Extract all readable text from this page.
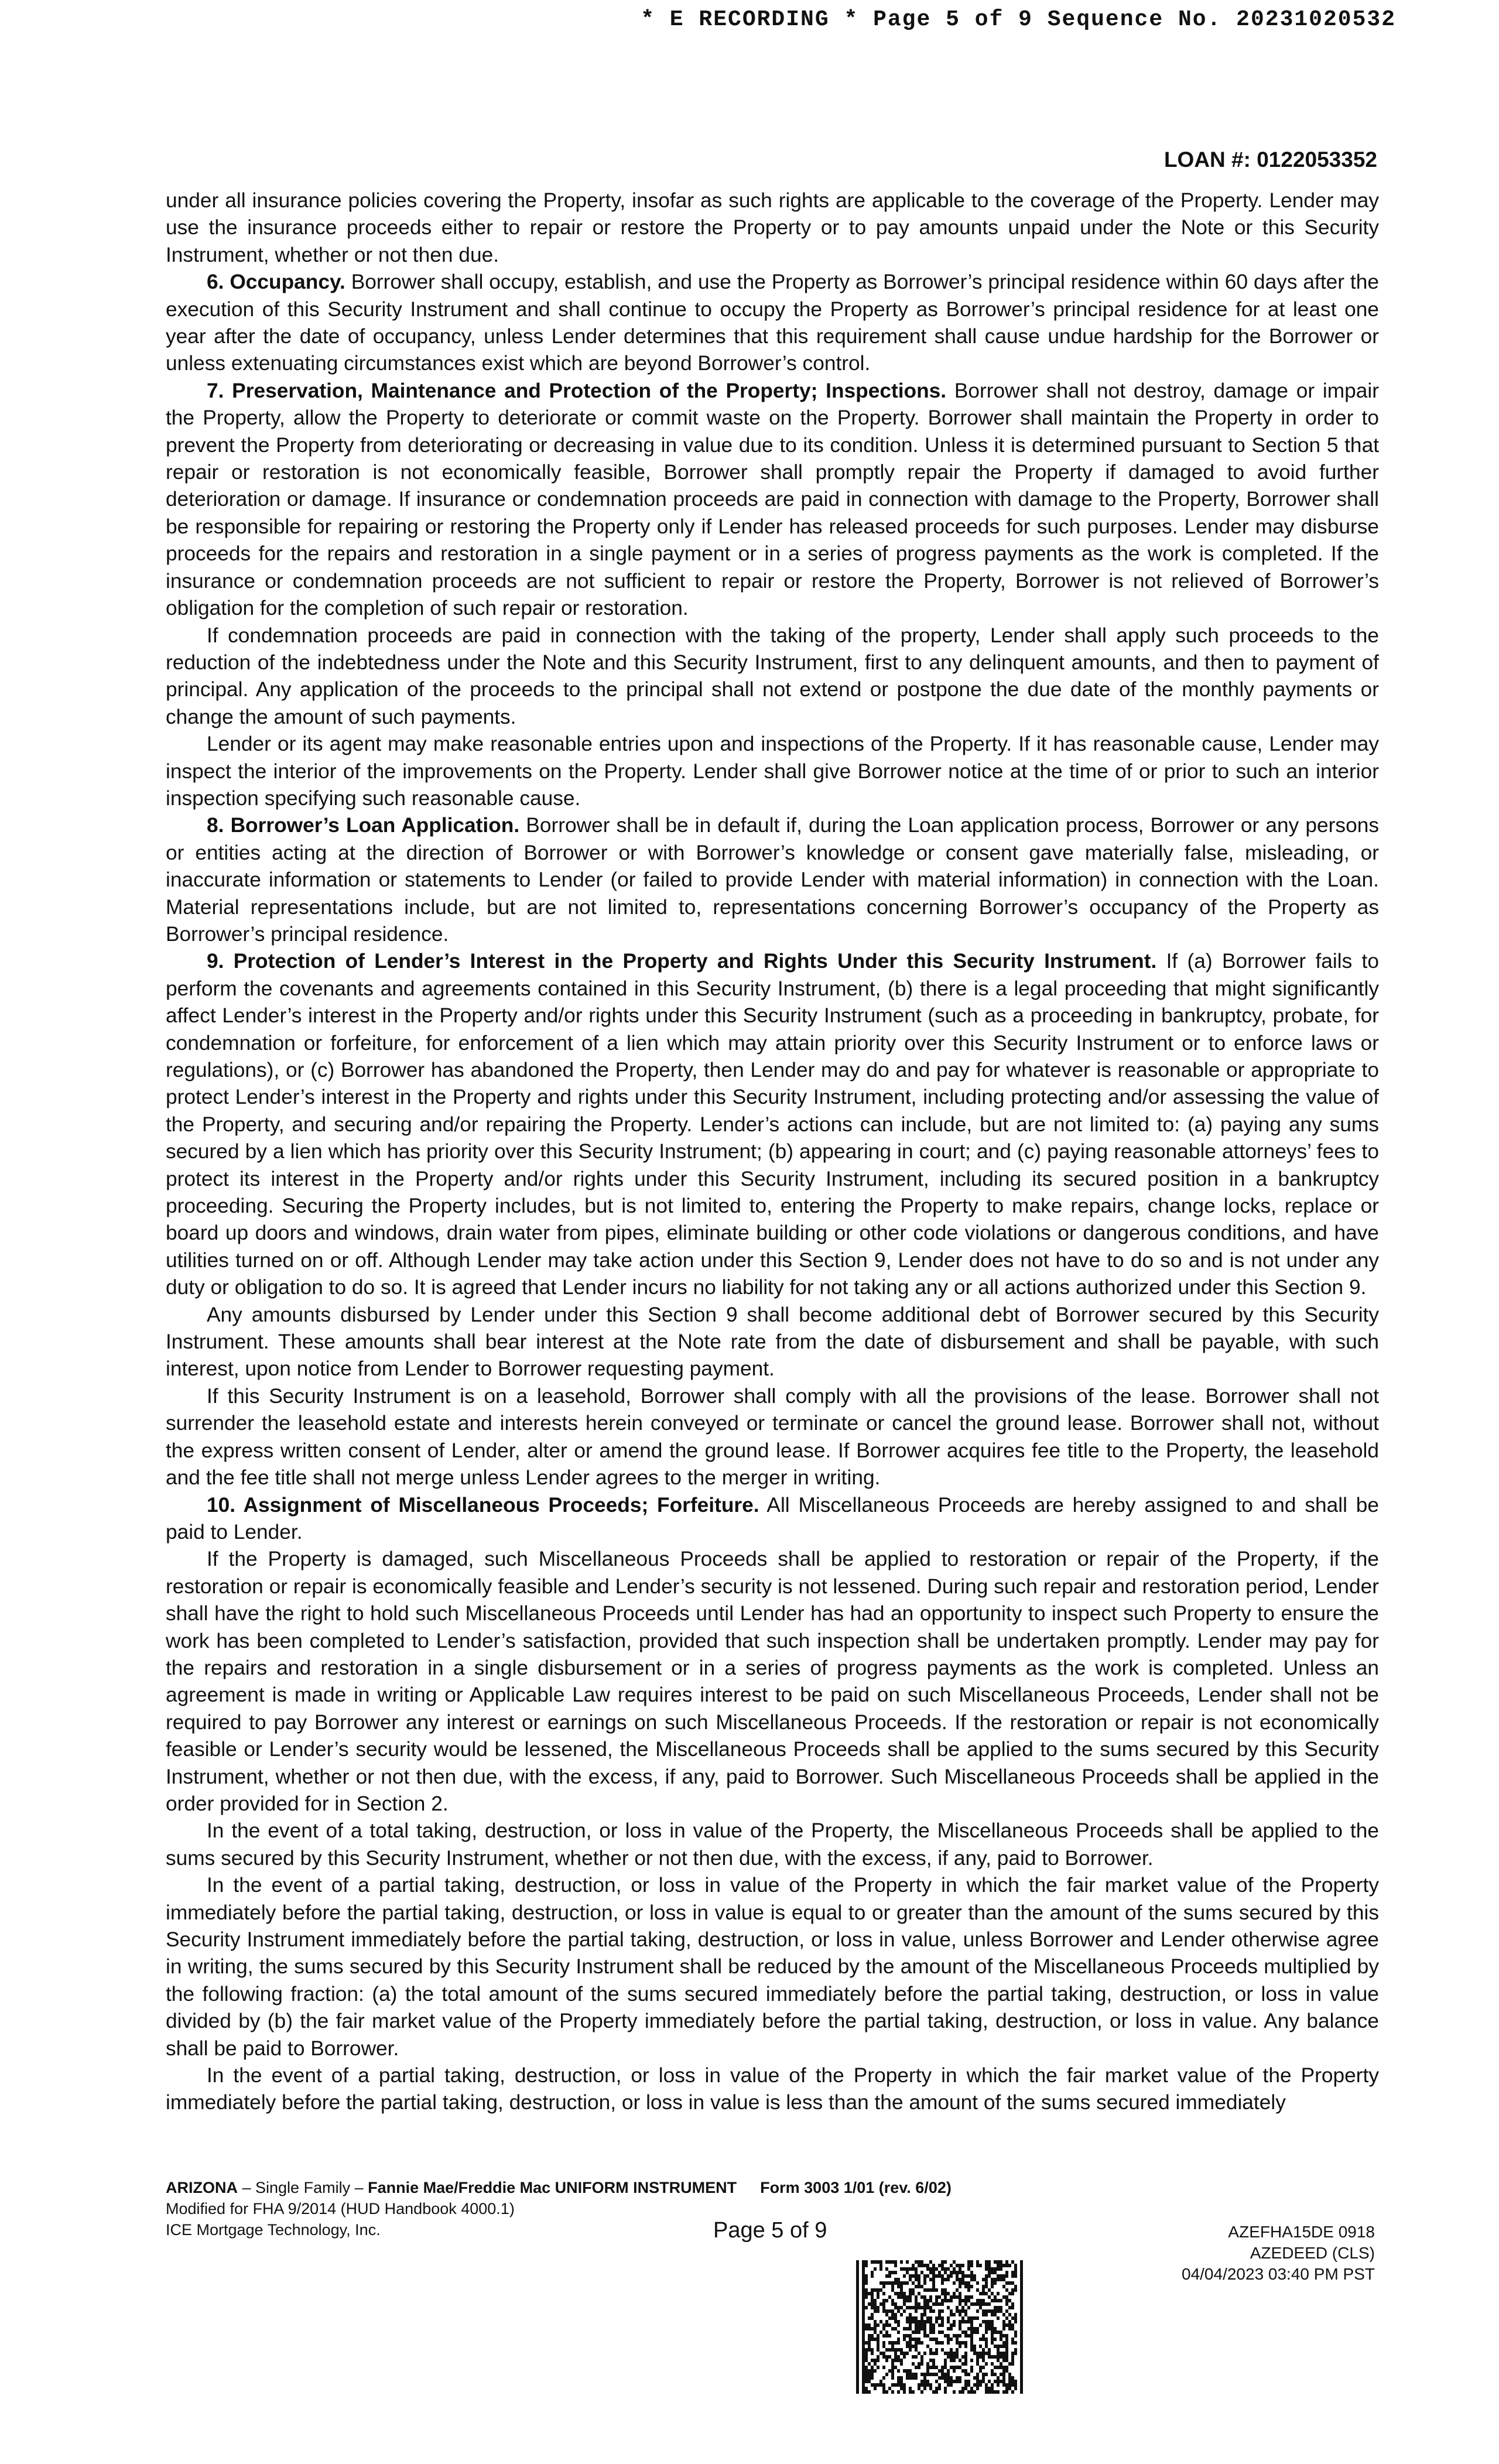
* E RECORDING * Page 5 of 9 Sequence No. 20231020532
LOAN #: 0122053352

under all insurance policies covering the Property, insofar as such rights are applicable to the coverage of the Property. Lender may use the insurance proceeds either to repair or restore the Property or to pay amounts unpaid under the Note or this Security Instrument, whether or not then due.

6. Occupancy. Borrower shall occupy, establish, and use the Property as Borrower’s principal residence within 60 days after the execution of this Security Instrument and shall continue to occupy the Property as Borrower’s principal residence for at least one year after the date of occupancy, unless Lender determines that this requirement shall cause undue hardship for the Borrower or unless extenuating circumstances exist which are beyond Borrower’s control.

7. Preservation, Maintenance and Protection of the Property; Inspections. Borrower shall not destroy, damage or impair the Property, allow the Property to deteriorate or commit waste on the Property. Borrower shall maintain the Property in order to prevent the Property from deteriorating or decreasing in value due to its condition. Unless it is determined pursuant to Section 5 that repair or restoration is not economically feasible, Borrower shall promptly repair the Property if damaged to avoid further deterioration or damage. If insurance or condemnation proceeds are paid in connection with damage to the Property, Borrower shall be responsible for repairing or restoring the Property only if Lender has released proceeds for such purposes. Lender may disburse proceeds for the repairs and restoration in a single payment or in a series of progress payments as the work is completed. If the insurance or condemnation proceeds are not sufficient to repair or restore the Property, Borrower is not relieved of Borrower’s obligation for the completion of such repair or restoration.

If condemnation proceeds are paid in connection with the taking of the property, Lender shall apply such proceeds to the reduction of the indebtedness under the Note and this Security Instrument, first to any delinquent amounts, and then to payment of principal. Any application of the proceeds to the principal shall not extend or postpone the due date of the monthly payments or change the amount of such payments.

Lender or its agent may make reasonable entries upon and inspections of the Property. If it has reasonable cause, Lender may inspect the interior of the improvements on the Property. Lender shall give Borrower notice at the time of or prior to such an interior inspection specifying such reasonable cause.

8. Borrower’s Loan Application. Borrower shall be in default if, during the Loan application process, Borrower or any persons or entities acting at the direction of Borrower or with Borrower’s knowledge or consent gave materially false, misleading, or inaccurate information or statements to Lender (or failed to provide Lender with material information) in connection with the Loan. Material representations include, but are not limited to, representations concerning Borrower’s occupancy of the Property as Borrower’s principal residence.

9. Protection of Lender’s Interest in the Property and Rights Under this Security Instrument. If (a) Borrower fails to perform the covenants and agreements contained in this Security Instrument, (b) there is a legal proceeding that might significantly affect Lender’s interest in the Property and/or rights under this Security Instrument (such as a proceeding in bankruptcy, probate, for condemnation or forfeiture, for enforcement of a lien which may attain priority over this Security Instrument or to enforce laws or regulations), or (c) Borrower has abandoned the Property, then Lender may do and pay for whatever is reasonable or appropriate to protect Lender’s interest in the Property and rights under this Security Instrument, including protecting and/or assessing the value of the Property, and securing and/or repairing the Property. Lender’s actions can include, but are not limited to: (a) paying any sums secured by a lien which has priority over this Security Instrument; (b) appearing in court; and (c) paying reasonable attorneys’ fees to protect its interest in the Property and/or rights under this Security Instrument, including its secured position in a bankruptcy proceeding. Securing the Property includes, but is not limited to, entering the Property to make repairs, change locks, replace or board up doors and windows, drain water from pipes, eliminate building or other code violations or dangerous conditions, and have utilities turned on or off. Although Lender may take action under this Section 9, Lender does not have to do so and is not under any duty or obligation to do so. It is agreed that Lender incurs no liability for not taking any or all actions authorized under this Section 9.

Any amounts disbursed by Lender under this Section 9 shall become additional debt of Borrower secured by this Security Instrument. These amounts shall bear interest at the Note rate from the date of disbursement and shall be payable, with such interest, upon notice from Lender to Borrower requesting payment.

If this Security Instrument is on a leasehold, Borrower shall comply with all the provisions of the lease. Borrower shall not surrender the leasehold estate and interests herein conveyed or terminate or cancel the ground lease. Borrower shall not, without the express written consent of Lender, alter or amend the ground lease. If Borrower acquires fee title to the Property, the leasehold and the fee title shall not merge unless Lender agrees to the merger in writing.

10. Assignment of Miscellaneous Proceeds; Forfeiture. All Miscellaneous Proceeds are hereby assigned to and shall be paid to Lender.

If the Property is damaged, such Miscellaneous Proceeds shall be applied to restoration or repair of the Property, if the restoration or repair is economically feasible and Lender’s security is not lessened. During such repair and restoration period, Lender shall have the right to hold such Miscellaneous Proceeds until Lender has had an opportunity to inspect such Property to ensure the work has been completed to Lender’s satisfaction, provided that such inspection shall be undertaken promptly. Lender may pay for the repairs and restoration in a single disbursement or in a series of progress payments as the work is completed. Unless an agreement is made in writing or Applicable Law requires interest to be paid on such Miscellaneous Proceeds, Lender shall not be required to pay Borrower any interest or earnings on such Miscellaneous Proceeds. If the restoration or repair is not economically feasible or Lender’s security would be lessened, the Miscellaneous Proceeds shall be applied to the sums secured by this Security Instrument, whether or not then due, with the excess, if any, paid to Borrower. Such Miscellaneous Proceeds shall be applied in the order provided for in Section 2.

In the event of a total taking, destruction, or loss in value of the Property, the Miscellaneous Proceeds shall be applied to the sums secured by this Security Instrument, whether or not then due, with the excess, if any, paid to Borrower.

In the event of a partial taking, destruction, or loss in value of the Property in which the fair market value of the Property immediately before the partial taking, destruction, or loss in value is equal to or greater than the amount of the sums secured by this Security Instrument immediately before the partial taking, destruction, or loss in value, unless Borrower and Lender otherwise agree in writing, the sums secured by this Security Instrument shall be reduced by the amount of the Miscellaneous Proceeds multiplied by the following fraction: (a) the total amount of the sums secured immediately before the partial taking, destruction, or loss in value divided by (b) the fair market value of the Property immediately before the partial taking, destruction, or loss in value. Any balance shall be paid to Borrower.

In the event of a partial taking, destruction, or loss in value of the Property in which the fair market value of the Property immediately before the partial taking, destruction, or loss in value is less than the amount of the sums secured immediately

ARIZONA – Single Family – Fannie Mae/Freddie Mac UNIFORM INSTRUMENT Form 3003 1/01 (rev. 6/02)
Modified for FHA 9/2014 (HUD Handbook 4000.1)
ICE Mortgage Technology, Inc.	Page 5 of 9	AZEFHA15DE 0918
AZEDEED (CLS)
04/04/2023 03:40 PM PST
